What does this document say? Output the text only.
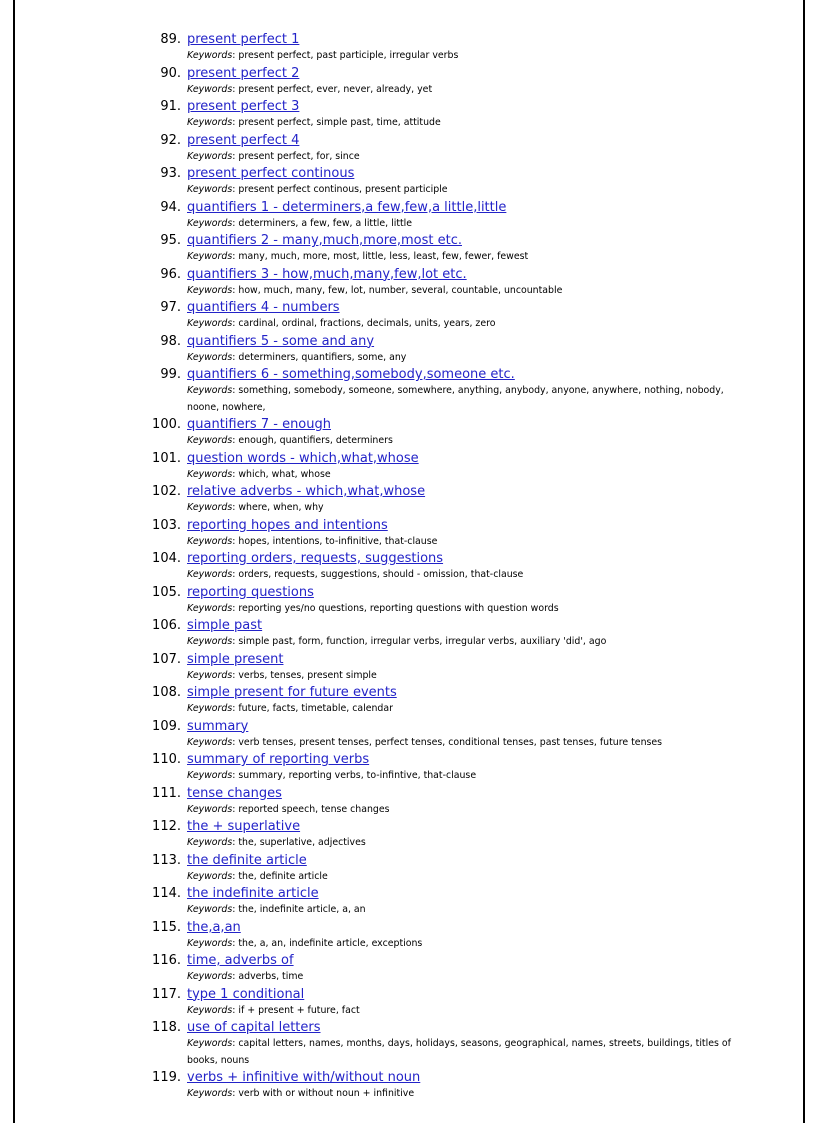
89. present perfect 1
Keywords: present perfect, past participle, irregular verbs
90. present perfect 2
Keywords: present perfect, ever, never, already, yet
91. present perfect 3
Keywords: present perfect, simple past, time, attitude
92. present perfect 4
Keywords: present perfect, for, since
93. present perfect continous
Keywords: present perfect continous, present participle
94. quantifiers 1 - determiners,a few,few,a little,little
Keywords: determiners, a few, few, a little, little
95. quantifiers 2 - many,much,more,most etc.
Keywords: many, much, more, most, little, less, least, few, fewer, fewest
96. quantifiers 3 - how,much,many,few,lot etc.
Keywords: how, much, many, few, lot, number, several, countable, uncountable
97. quantifiers 4 - numbers
Keywords: cardinal, ordinal, fractions, decimals, units, years, zero
98. quantifiers 5 - some and any
Keywords: determiners, quantifiers, some, any
99. quantifiers 6 - something,somebody,someone etc.
Keywords: something, somebody, someone, somewhere, anything, anybody, anyone, anywhere, nothing, nobody, noone, nowhere,
100. quantifiers 7 - enough
Keywords: enough, quantifiers, determiners
101. question words - which,what,whose
Keywords: which, what, whose
102. relative adverbs - which,what,whose
Keywords: where, when, why
103. reporting hopes and intentions
Keywords: hopes, intentions, to-infinitive, that-clause
104. reporting orders, requests, suggestions
Keywords: orders, requests, suggestions, should - omission, that-clause
105. reporting questions
Keywords: reporting yes/no questions, reporting questions with question words
106. simple past
Keywords: simple past, form, function, irregular verbs, irregular verbs, auxiliary 'did', ago
107. simple present
Keywords: verbs, tenses, present simple
108. simple present for future events
Keywords: future, facts, timetable, calendar
109. summary
Keywords: verb tenses, present tenses, perfect tenses, conditional tenses, past tenses, future tenses
110. summary of reporting verbs
Keywords: summary, reporting verbs, to-infintive, that-clause
111. tense changes
Keywords: reported speech, tense changes
112. the + superlative
Keywords: the, superlative, adjectives
113. the definite article
Keywords: the, definite article
114. the indefinite article
Keywords: the, indefinite article, a, an
115. the,a,an
Keywords: the, a, an, indefinite article, exceptions
116. time, adverbs of
Keywords: adverbs, time
117. type 1 conditional
Keywords: if + present + future, fact
118. use of capital letters
Keywords: capital letters, names, months, days, holidays, seasons, geographical, names, streets, buildings, titles of books, nouns
119. verbs + infinitive with/without noun
Keywords: verb with or without noun + infinitive
